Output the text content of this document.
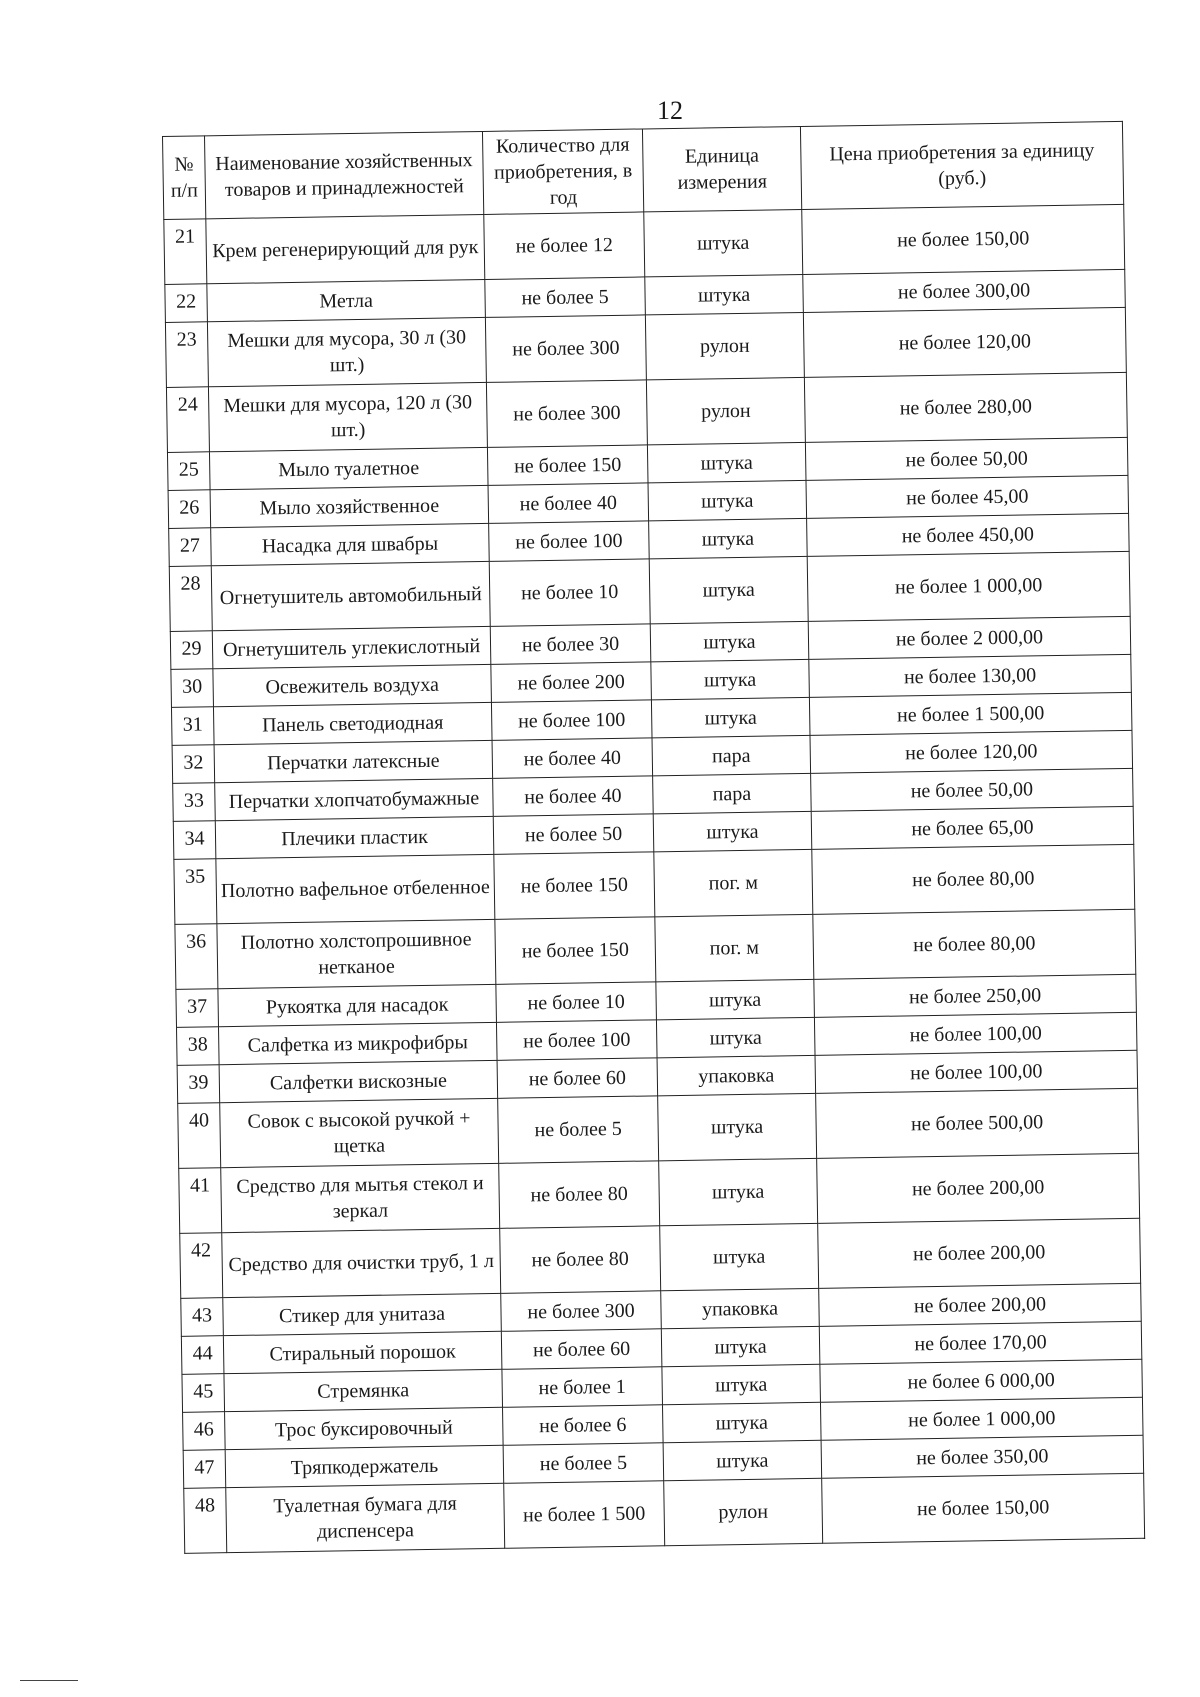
12
№ п/п	Наименование хозяйственных товаров и принадлежностей	Количество для приобретения, в год	Единица измерения	Цена приобретения за единицу (руб.)
21	Крем регенерирующий для рук	не более 12	штука	не более 150,00
22	Метла	не более 5	штука	не более 300,00
23	Мешки для мусора, 30 л (30 шт.)	не более 300	рулон	не более 120,00
24	Мешки для мусора, 120 л (30 шт.)	не более 300	рулон	не более 280,00
25	Мыло туалетное	не более 150	штука	не более 50,00
26	Мыло хозяйственное	не более 40	штука	не более 45,00
27	Насадка для швабры	не более 100	штука	не более 450,00
28	Огнетушитель автомобильный	не более 10	штука	не более 1 000,00
29	Огнетушитель углекислотный	не более 30	штука	не более 2 000,00
30	Освежитель воздуха	не более 200	штука	не более 130,00
31	Панель светодиодная	не более 100	штука	не более 1 500,00
32	Перчатки латексные	не более 40	пара	не более 120,00
33	Перчатки хлопчатобумажные	не более 40	пара	не более 50,00
34	Плечики пластик	не более 50	штука	не более 65,00
35	Полотно вафельное отбеленное	не более 150	пог. м	не более 80,00
36	Полотно холстопрошивное нетканое	не более 150	пог. м	не более 80,00
37	Рукоятка для насадок	не более 10	штука	не более 250,00
38	Салфетка из микрофибры	не более 100	штука	не более 100,00
39	Салфетки вискозные	не более 60	упаковка	не более 100,00
40	Совок с высокой ручкой + щетка	не более 5	штука	не более 500,00
41	Средство для мытья стекол и зеркал	не более 80	штука	не более 200,00
42	Средство для очистки труб, 1 л	не более 80	штука	не более 200,00
43	Стикер для унитаза	не более 300	упаковка	не более 200,00
44	Стиральный порошок	не более 60	штука	не более 170,00
45	Стремянка	не более 1	штука	не более 6 000,00
46	Трос буксировочный	не более 6	штука	не более 1 000,00
47	Тряпкодержатель	не более 5	штука	не более 350,00
48	Туалетная бумага для диспенсера	не более 1 500	рулон	не более 150,00
